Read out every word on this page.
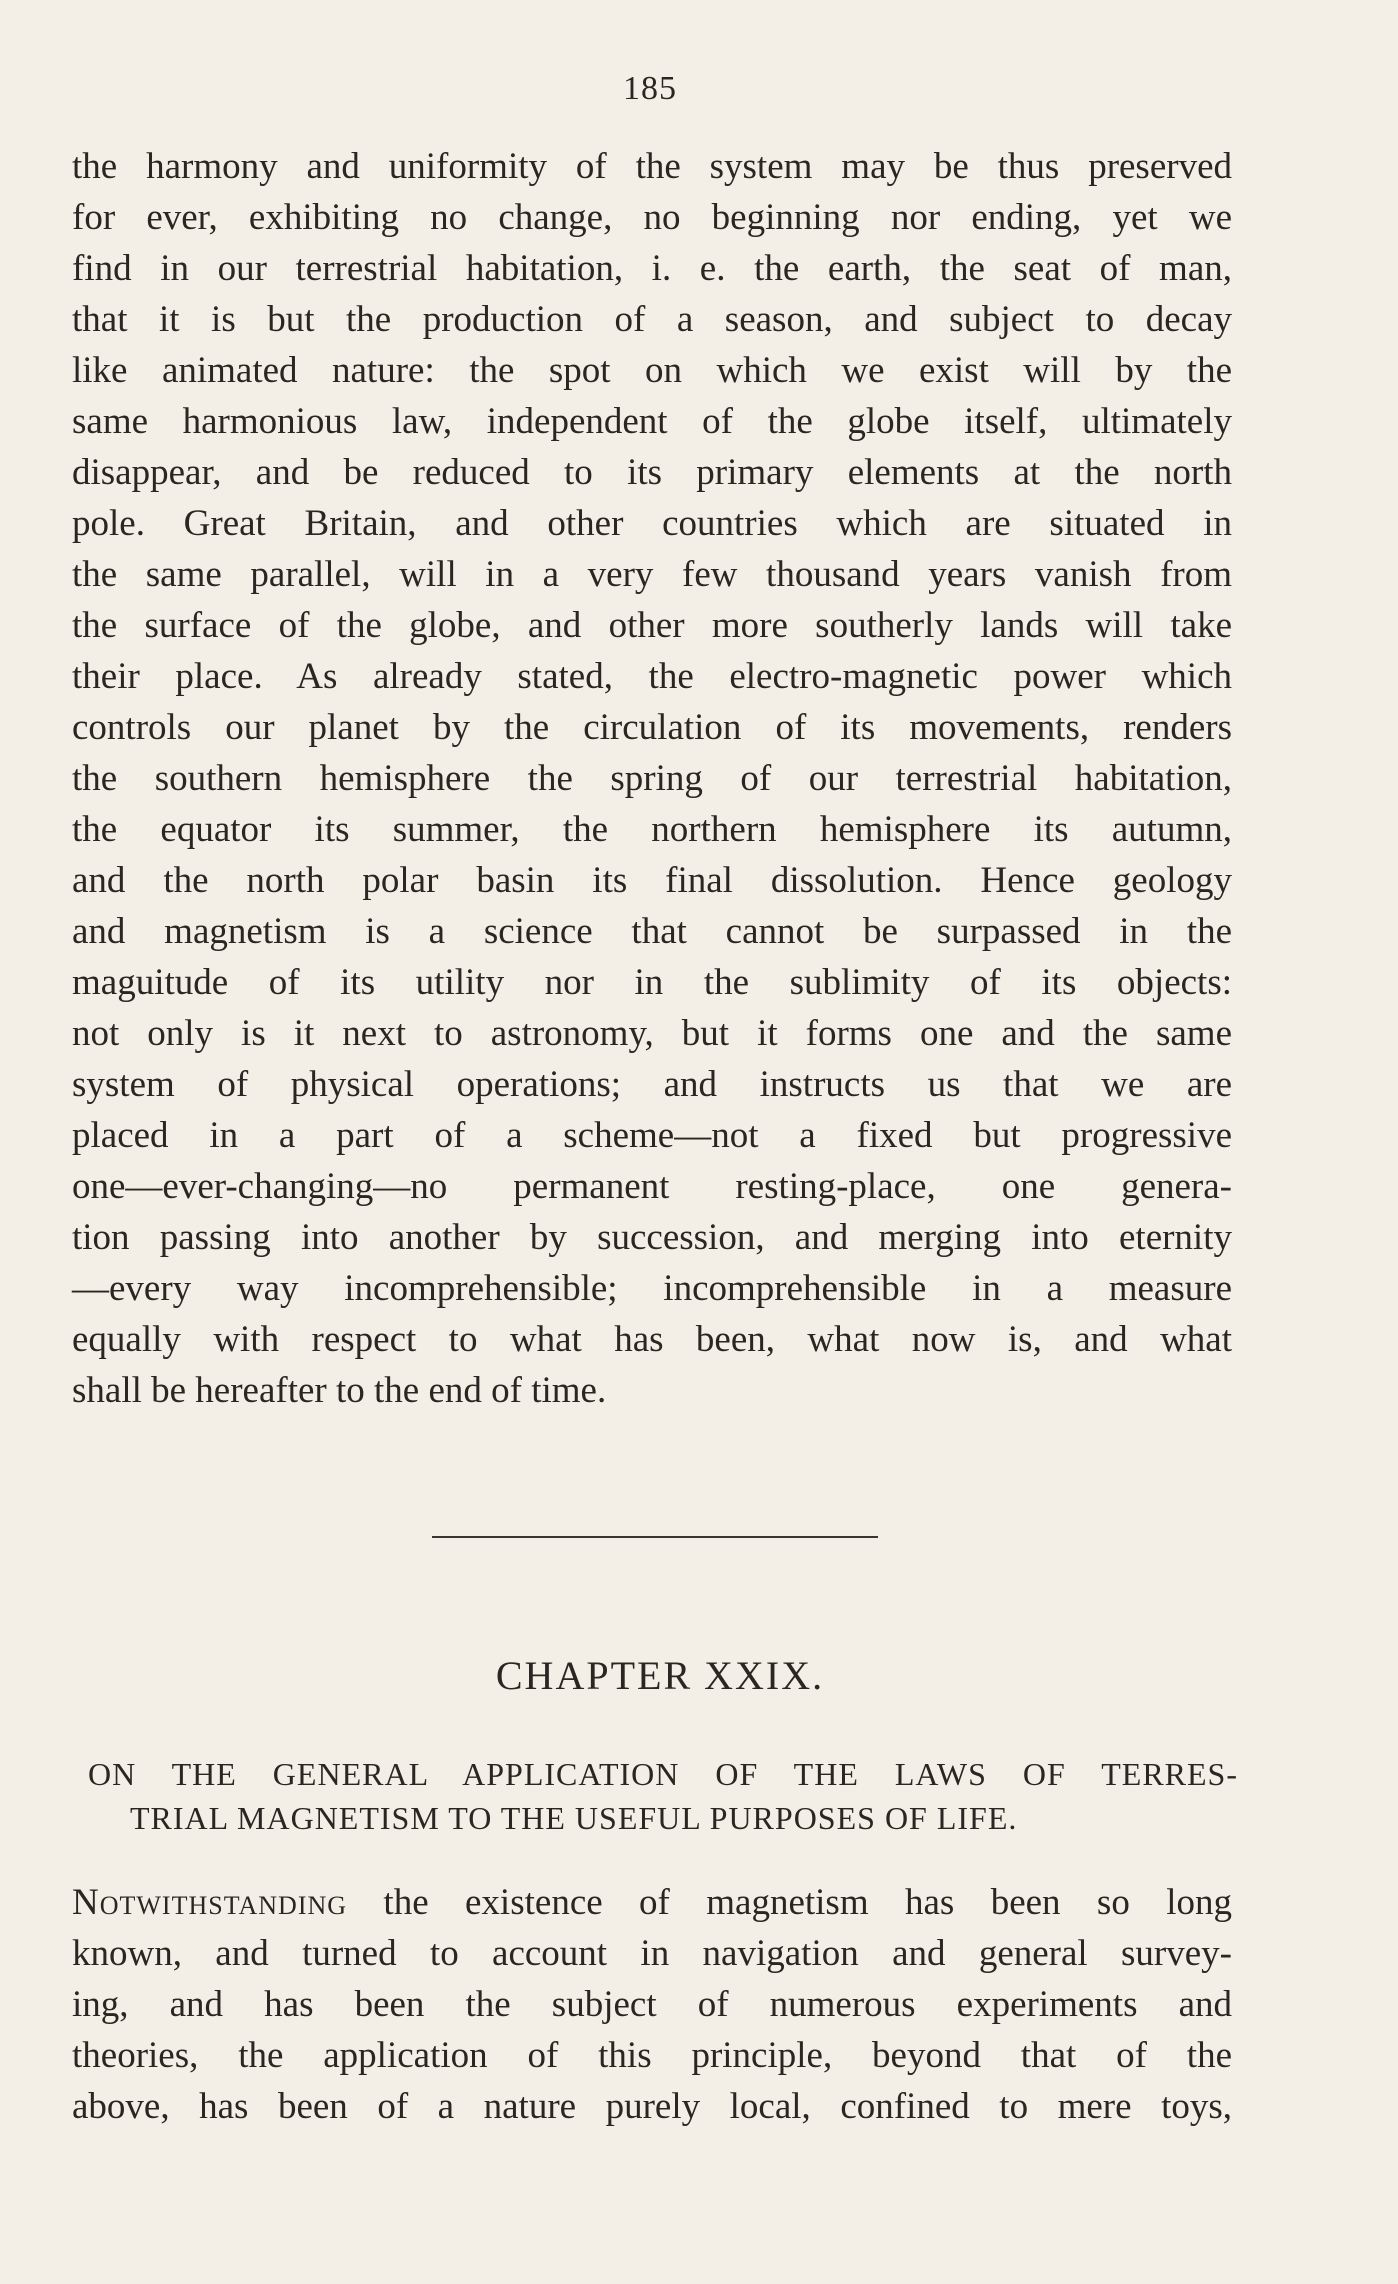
185
the harmony and uniformity of the system may be thus preserved
for ever, exhibiting no change, no beginning nor ending, yet we
find in our terrestrial habitation, i. e. the earth, the seat of man,
that it is but the production of a season, and subject to decay
like animated nature: the spot on which we exist will by the
same harmonious law, independent of the globe itself, ultimately
disappear, and be reduced to its primary elements at the north
pole. Great Britain, and other countries which are situated in
the same parallel, will in a very few thousand years vanish from
the surface of the globe, and other more southerly lands will take
their place. As already stated, the electro-magnetic power which
controls our planet by the circulation of its movements, renders
the southern hemisphere the spring of our terrestrial habitation,
the equator its summer, the northern hemisphere its autumn,
and the north polar basin its final dissolution. Hence geology
and magnetism is a science that cannot be surpassed in the
maguitude of its utility nor in the sublimity of its objects:
not only is it next to astronomy, but it forms one and the same
system of physical operations; and instructs us that we are
placed in a part of a scheme—not a fixed but progressive
one—ever-changing—no permanent resting-place, one genera-
tion passing into another by succession, and merging into eternity
—every way incomprehensible; incomprehensible in a measure
equally with respect to what has been, what now is, and what
shall be hereafter to the end of time.
CHAPTER XXIX.
ON THE GENERAL APPLICATION OF THE LAWS OF TERRES-
TRIAL MAGNETISM TO THE USEFUL PURPOSES OF LIFE.
Notwithstanding the existence of magnetism has been so long
known, and turned to account in navigation and general survey-
ing, and has been the subject of numerous experiments and
theories, the application of this principle, beyond that of the
above, has been of a nature purely local, confined to mere toys,
